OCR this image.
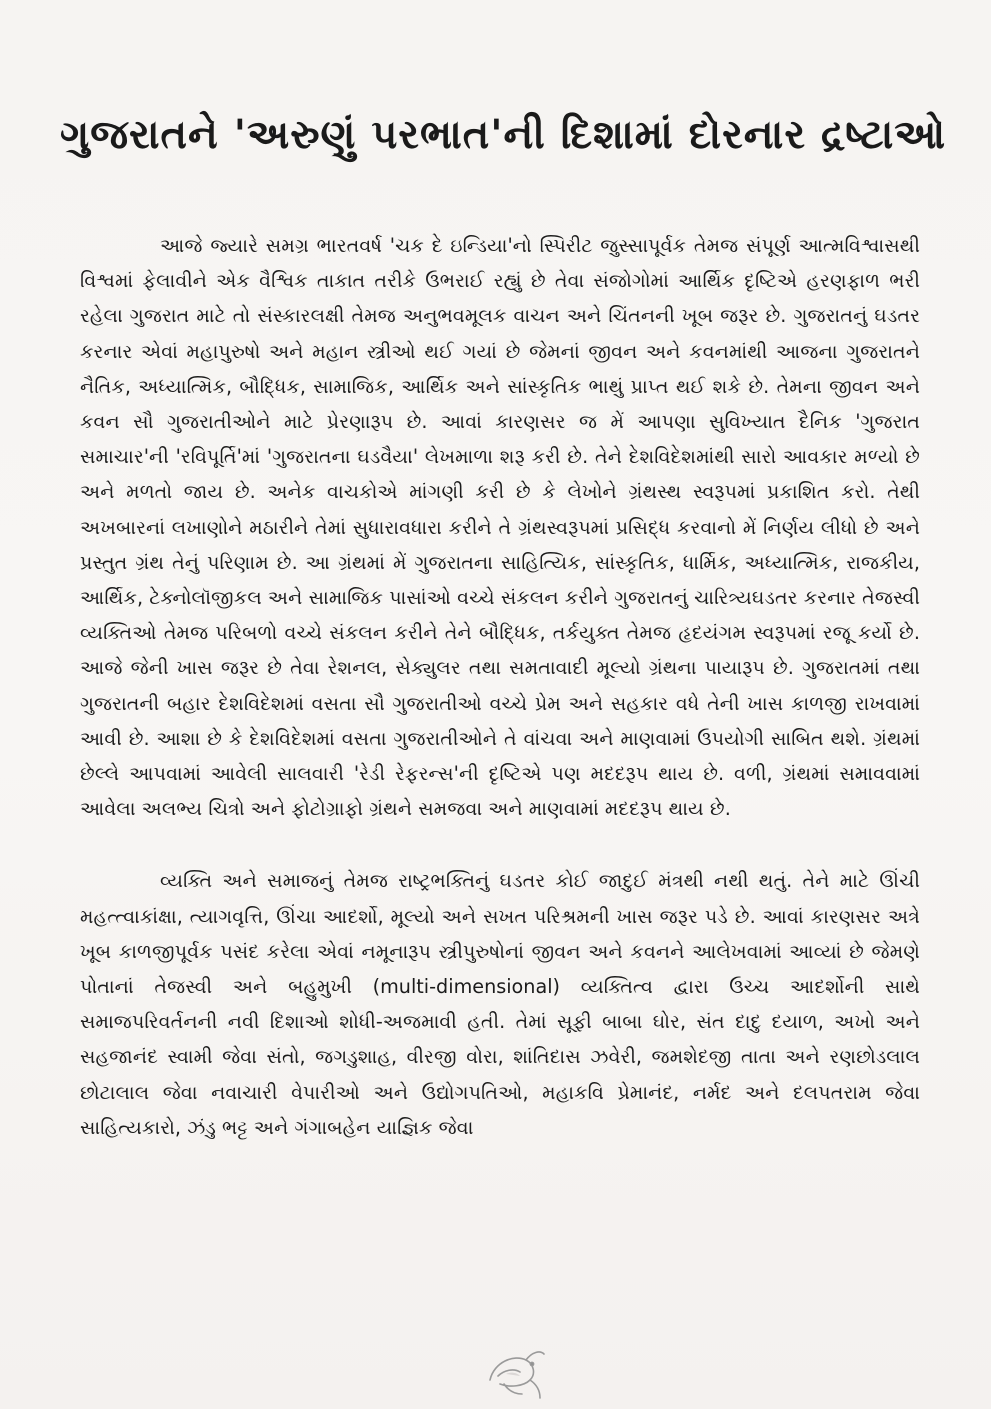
ગુજરાતને 'અરુણું પરભાત'ની દિશામાં દોરનાર દ્રષ્ટાઓ

આજે જ્યારે સમગ્ર ભારતવર્ષ 'ચક દે ઇન્ડિયા'નો સ્પિરીટ જુસ્સાપૂર્વક તેમજ સંપૂર્ણ આત્મવિશ્વાસથી વિશ્વમાં ફેલાવીને એક વૈશ્વિક તાકાત તરીકે ઉભરાઈ રહ્યું છે તેવા સંજોગોમાં આર્થિક દૃષ્ટિએ હરણફાળ ભરી રહેલા ગુજરાત માટે તો સંસ્કારલક્ષી તેમજ અનુભવમૂલક વાચન અને ચિંતનની ખૂબ જરૂર છે. ગુજરાતનું ઘડતર કરનાર એવાં મહાપુરુષો અને મહાન સ્ત્રીઓ થઈ ગયાં છે જેમનાં જીવન અને કવનમાંથી આજના ગુજરાતને નૈતિક, અધ્યાત્મિક, બૌદ્ધિક, સામાજિક, આર્થિક અને સાંસ્કૃતિક ભાથું પ્રાપ્ત થઈ શકે છે. તેમના જીવન અને કવન સૌ ગુજરાતીઓને માટે પ્રેરણારૂપ છે. આવાં કારણસર જ મેં આપણા સુવિખ્યાત દૈનિક 'ગુજરાત સમાચાર'ની 'રવિપૂર્તિ'માં 'ગુજરાતના ઘડવૈયા' લેખમાળા શરૂ કરી છે. તેને દેશવિદેશમાંથી સારો આવકાર મળ્યો છે અને મળતો જાય છે. અનેક વાચકોએ માંગણી કરી છે કે લેખોને ગ્રંથસ્થ સ્વરૂપમાં પ્રકાશિત કરો. તેથી અખબારનાં લખાણોને મઠારીને તેમાં સુધારાવધારા કરીને તે ગ્રંથસ્વરૂપમાં પ્રસિદ્ધ કરવાનો મેં નિર્ણય લીધો છે અને પ્રસ્તુત ગ્રંથ તેનું પરિણામ છે. આ ગ્રંથમાં મેં ગુજરાતના સાહિત્યિક, સાંસ્કૃતિક, ધાર્મિક, અધ્યાત્મિક, રાજકીય, આર્થિક, ટેક્નોલૉજીકલ અને સામાજિક પાસાંઓ વચ્ચે સંકલન કરીને ગુજરાતનું ચારિત્ર્યઘડતર કરનાર તેજસ્વી વ્યક્તિઓ તેમજ પરિબળો વચ્ચે સંકલન કરીને તેને બૌદ્ધિક, તર્કયુક્ત તેમજ હૃદયંગમ સ્વરૂપમાં રજૂ કર્યો છે. આજે જેની ખાસ જરૂર છે તેવા રેશનલ, સેક્યુલર તથા સમતાવાદી મૂલ્યો ગ્રંથના પાયારૂપ છે. ગુજરાતમાં તથા ગુજરાતની બહાર દેશવિદેશમાં વસતા સૌ ગુજરાતીઓ વચ્ચે પ્રેમ અને સહકાર વધે તેની ખાસ કાળજી રાખવામાં આવી છે. આશા છે કે દેશવિદેશમાં વસતા ગુજરાતીઓને તે વાંચવા અને માણવામાં ઉપયોગી સાબિત થશે. ગ્રંથમાં છેલ્લે આપવામાં આવેલી સાલવારી 'રેડી રેફરન્સ'ની દૃષ્ટિએ પણ મદદરૂપ થાય છે. વળી, ગ્રંથમાં સમાવવામાં આવેલા અલભ્ય ચિત્રો અને ફોટોગ્રાફો ગ્રંથને સમજવા અને માણવામાં મદદરૂપ થાય છે.

વ્યક્તિ અને સમાજનું તેમજ રાષ્ટ્રભક્તિનું ઘડતર કોઈ જાદુઈ મંત્રથી નથી થતું. તેને માટે ઊંચી મહત્ત્વાકાંક્ષા, ત્યાગવૃત્તિ, ઊંચા આદર્શો, મૂલ્યો અને સખત પરિશ્રમની ખાસ જરૂર પડે છે. આવાં કારણસર અત્રે ખૂબ કાળજીપૂર્વક પસંદ કરેલા એવાં નમૂનારૂપ સ્ત્રીપુરુષોનાં જીવન અને કવનને આલેખવામાં આવ્યાં છે જેમણે પોતાનાં તેજસ્વી અને બહુમુખી (multi-dimensional) વ્યક્તિત્વ દ્વારા ઉચ્ચ આદર્શોની સાથે સમાજપરિવર્તનની નવી દિશાઓ શોધી-અજમાવી હતી. તેમાં સૂફી બાબા ઘોર, સંત દાદુ દયાળ, અખો અને સહજાનંદ સ્વામી જેવા સંતો, જગડુશાહ, વીરજી વોરા, શાંતિદાસ ઝવેરી, જમશેદજી તાતા અને રણછોડલાલ છોટાલાલ જેવા નવાચારી વેપારીઓ અને ઉદ્યોગપતિઓ, મહાકવિ પ્રેમાનંદ, નર્મદ અને દલપતરામ જેવા સાહિત્યકારો, ઝંડુ ભટ્ટ અને ગંગાબહેન યાજ્ઞિક જેવા
